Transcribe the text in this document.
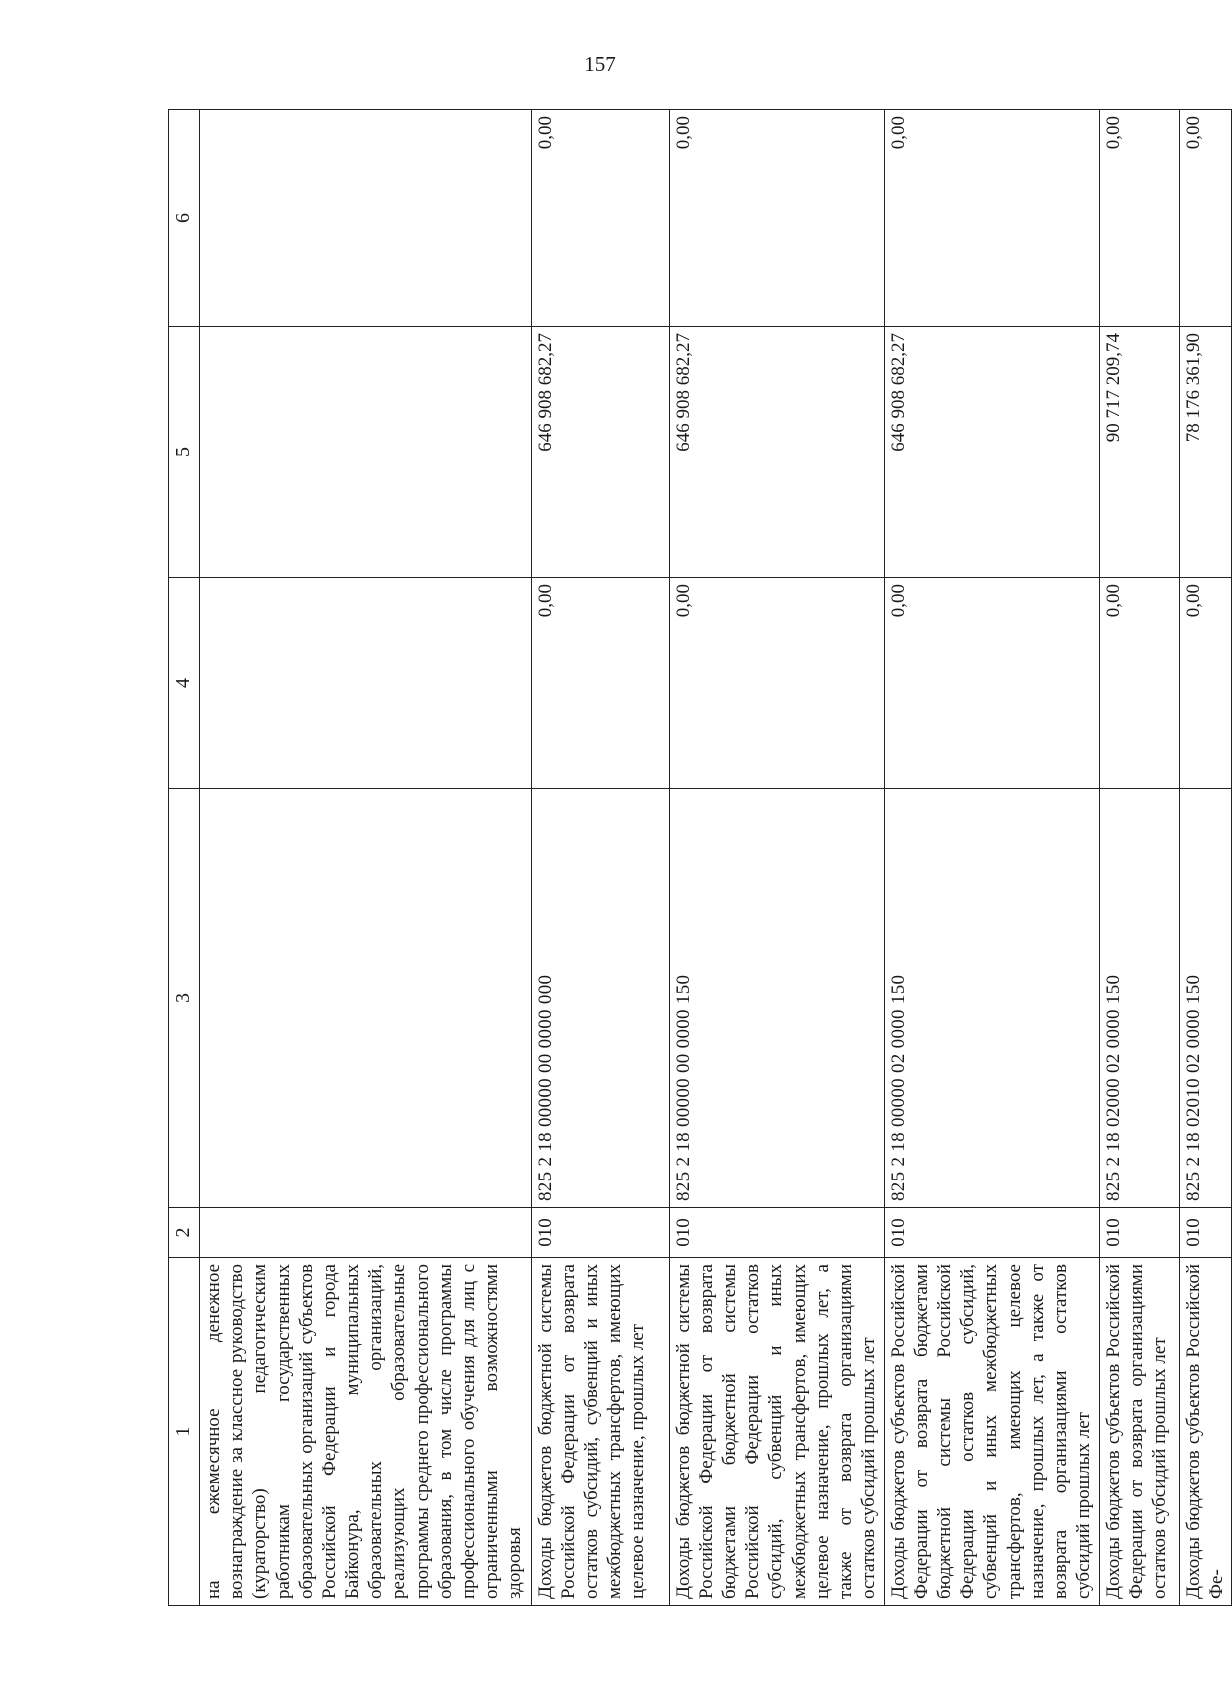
157
1	2	3	4	5	6
на ежемесячное денежное вознаграждение за классное руководство (кураторство) педагогическим работникам государственных образовательных организаций субъектов Российской Федерации и города Байконура, муниципальных образовательных организаций, реализующих образовательные программы среднего профессионального образования, в том числе программы профессионального обучения для лиц с ограниченными возможностями здоровья					
Доходы бюджетов бюджетной системы Российской Федерации от возврата остатков субсидий, субвенций и иных межбюджетных трансфертов, имеющих целевое назначение, прошлых лет	010	825 2 18 00000 00 0000 000	0,00	646 908 682,27	0,00
Доходы бюджетов бюджетной системы Российской Федерации от возврата бюджетами бюджетной системы Российской Федерации остатков субсидий, субвенций и иных межбюджетных трансфертов, имеющих целевое назначение, прошлых лет, а также от возврата организациями остатков субсидий прошлых лет	010	825 2 18 00000 00 0000 150	0,00	646 908 682,27	0,00
Доходы бюджетов субъектов Российской Федерации от возврата бюджетами бюджетной системы Российской Федерации остатков субсидий, субвенций и иных межбюджетных трансфертов, имеющих целевое назначение, прошлых лет, а также от возврата организациями остатков субсидий прошлых лет	010	825 2 18 00000 02 0000 150	0,00	646 908 682,27	0,00
Доходы бюджетов субъектов Российской Федерации от возврата организациями остатков субсидий прошлых лет	010	825 2 18 02000 02 0000 150	0,00	90 717 209,74	0,00
Доходы бюджетов субъектов Российской Фе-	010	825 2 18 02010 02 0000 150	0,00	78 176 361,90	0,00
